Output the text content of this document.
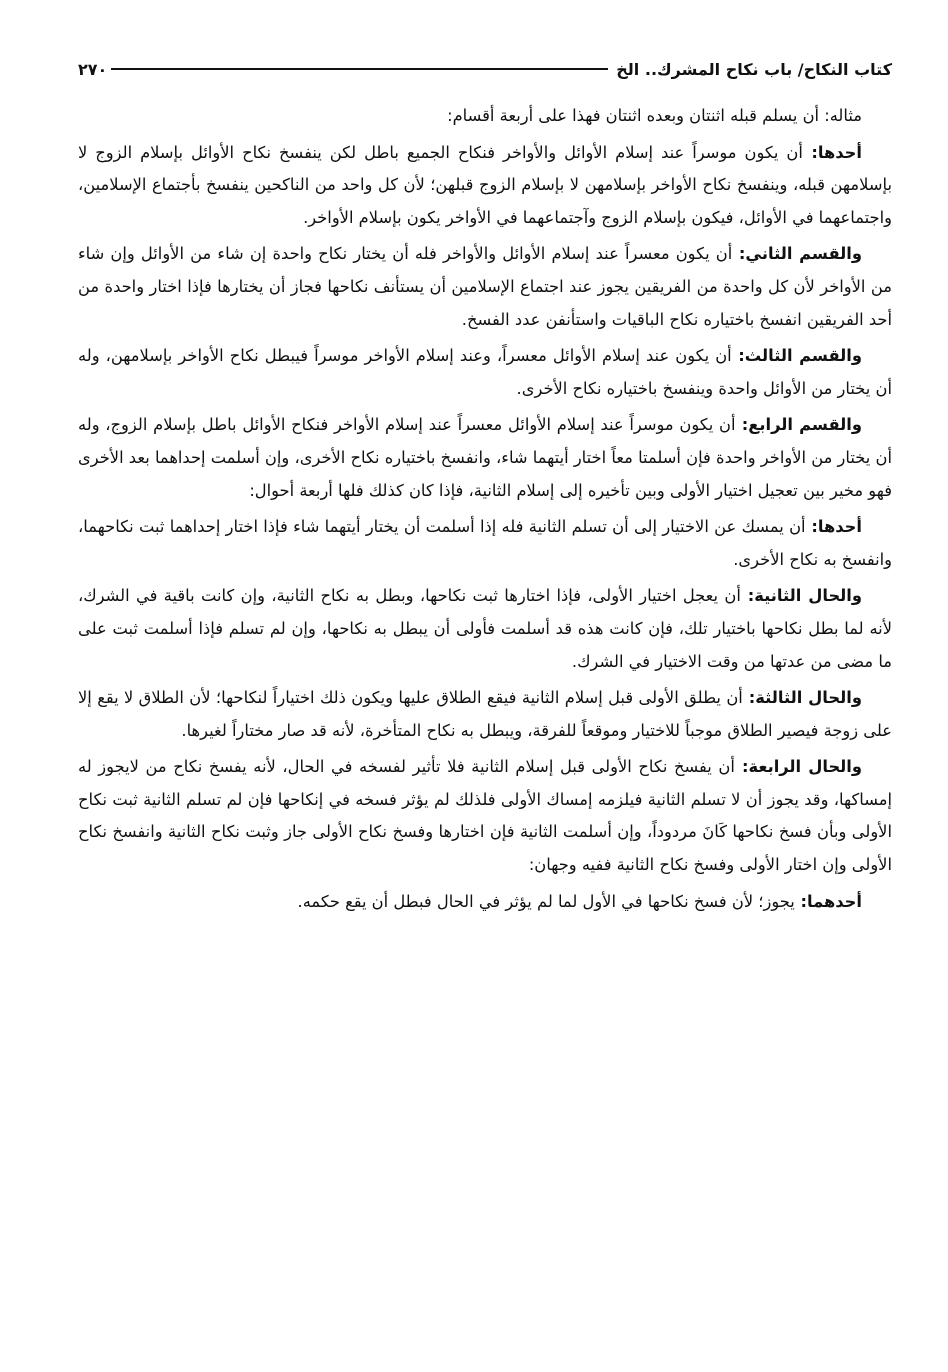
كتاب النكاح/ باب نكاح المشرك.. الخ
٢٧٠

مثاله: أن يسلم قبله اثنتان وبعده اثنتان فهذا على أربعة أقسام:

أحدها: أن يكون موسراً عند إسلام الأوائل والأواخر فنكاح الجميع باطل لكن ينفسخ نكاح الأوائل بإسلام الزوج لا بإسلامهن قبله، وينفسخ نكاح الأواخر بإسلامهن لا بإسلام الزوج قبلهن؛ لأن كل واحد من الناكحين ينفسخ بأجتماع الإسلامين، واجتماعهما في الأوائل، فيكون بإسلام الزوج وآجتماعهما في الأواخر يكون بإسلام الأواخر.

والقسم الثاني: أن يكون معسراً عند إسلام الأوائل والأواخر فله أن يختار نكاح واحدة إن شاء من الأوائل وإن شاء من الأواخر لأن كل واحدة من الفريقين يجوز عند اجتماع الإسلامين أن يستأنف نكاحها فجاز أن يختارها فإذا اختار واحدة من أحد الفريقين انفسخ باختياره نكاح الباقيات واستأنفن عدد الفسخ.

والقسم الثالث: أن يكون عند إسلام الأوائل معسراً، وعند إسلام الأواخر موسراً فيبطل نكاح الأواخر بإسلامهن، وله أن يختار من الأوائل واحدة وينفسخ باختياره نكاح الأخرى.

والقسم الرابع: أن يكون موسراً عند إسلام الأوائل معسراً عند إسلام الأواخر فنكاح الأوائل باطل بإسلام الزوج، وله أن يختار من الأواخر واحدة فإن أسلمتا معاً اختار أيتهما شاء، وانفسخ باختياره نكاح الأخرى، وإن أسلمت إحداهما بعد الأخرى فهو مخير بين تعجيل اختيار الأولى وبين تأخيره إلى إسلام الثانية، فإذا كان كذلك فلها أربعة أحوال:

أحدها: أن يمسك عن الاختيار إلى أن تسلم الثانية فله إذا أسلمت أن يختار أيتهما شاء فإذا اختار إحداهما ثبت نكاحهما، وانفسخ به نكاح الأخرى.

والحال الثانية: أن يعجل اختيار الأولى، فإذا اختارها ثبت نكاحها، وبطل به نكاح الثانية، وإن كانت باقية في الشرك، لأنه لما بطل نكاحها باختيار تلك، فإن كانت هذه قد أسلمت فأولى أن يبطل به نكاحها، وإن لم تسلم فإذا أسلمت ثبت على ما مضى من عدتها من وقت الاختيار في الشرك.

والحال الثالثة: أن يطلق الأولى قبل إسلام الثانية فيقع الطلاق عليها ويكون ذلك اختياراً لنكاحها؛ لأن الطلاق لا يقع إلا على زوجة فيصير الطلاق موجباً للاختيار وموقعاً للفرقة، ويبطل به نكاح المتأخرة، لأنه قد صار مختاراً لغيرها.

والحال الرابعة: أن يفسخ نكاح الأولى قبل إسلام الثانية فلا تأثير لفسخه في الحال، لأنه يفسخ نكاح من لايجوز له إمساكها، وقد يجوز أن لا تسلم الثانية فيلزمه إمساك الأولى فلذلك لم يؤثر فسخه في إنكاحها فإن لم تسلم الثانية ثبت نكاح الأولى وبأن فسخ نكاحها كَانَ مردوداً، وإن أسلمت الثانية فإن اختارها وفسخ نكاح الأولى جاز وثبت نكاح الثانية وانفسخ نكاح الأولى وإن اختار الأولى وفسخ نكاح الثانية ففيه وجهان:

أحدهما: يجوز؛ لأن فسخ نكاحها في الأول لما لم يؤثر في الحال فبطل أن يقع حكمه.
